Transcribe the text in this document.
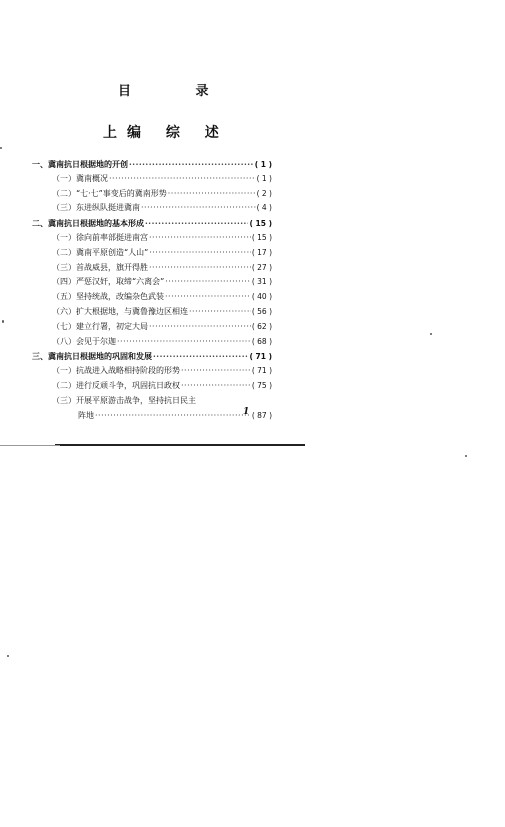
目 录
上编 综 述
一、冀南抗日根据地的开创 ·····	( 1 )
（一）冀南概况 ·····	( 1 )
（二）“七·七”事变后的冀南形势 ·····	( 2 )
（三）东进纵队挺进冀南 ·····	( 4 )
二、冀南抗日根据地的基本形成 ·····	( 15 )
（一）徐向前率部挺进南宫 ·····	( 15 )
（二）冀南平原创造“人山” ·····	( 17 )
（三）首战威县，旗开得胜 ·····	( 27 )
（四）严惩汉奸，取缔“六离会” ·····	( 31 )
（五）坚持统战，改编杂色武装 ·····	( 40 )
（六）扩大根据地，与冀鲁豫边区相连 ·····	( 56 )
（七）建立行署，初定大局 ·····	( 62 )
（八）会见于尔迦 ·····	( 68 )
三、冀南抗日根据地的巩固和发展 ·····	( 71 )
（一）抗战进入战略相持阶段的形势 ·····	( 71 )
（二）进行反顽斗争，巩固抗日政权 ·····	( 75 )
（三）开展平原游击战争，坚持抗日民主
阵地 ·····	( 87 )
1
